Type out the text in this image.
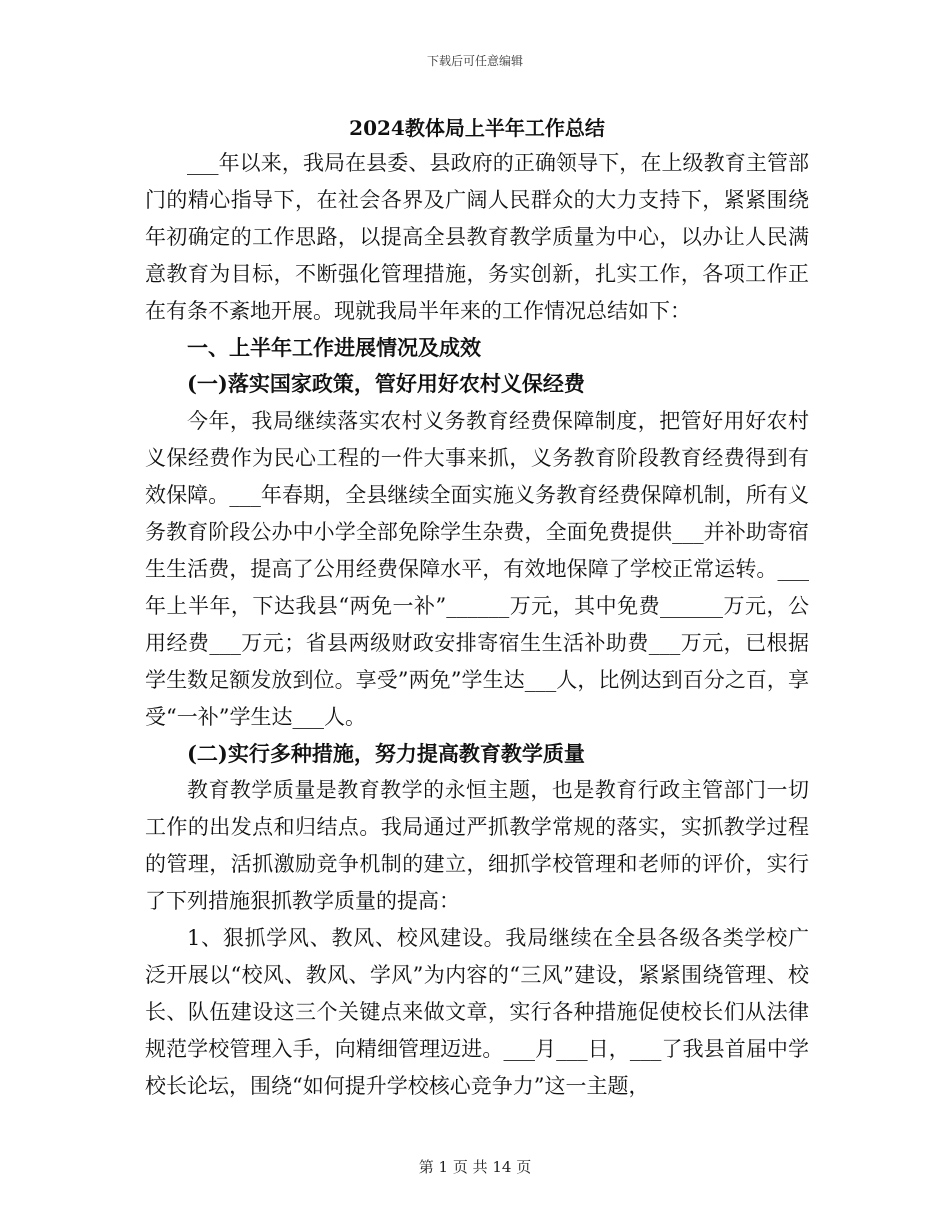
下载后可任意编辑
2024教体局上半年工作总结

___年以来，我局在县委、县政府的正确领导下，在上级教育主管部门的精心指导下，在社会各界及广阔人民群众的大力支持下，紧紧围绕年初确定的工作思路，以提高全县教育教学质量为中心，以办让人民满意教育为目标，不断强化管理措施，务实创新，扎实工作，各项工作正在有条不紊地开展。现就我局半年来的工作情况总结如下：

一、上半年工作进展情况及成效

(一)落实国家政策，管好用好农村义保经费

今年，我局继续落实农村义务教育经费保障制度，把管好用好农村义保经费作为民心工程的一件大事来抓，义务教育阶段教育经费得到有效保障。___年春期，全县继续全面实施义务教育经费保障机制，所有义务教育阶段公办中小学全部免除学生杂费，全面免费提供___并补助寄宿生生活费，提高了公用经费保障水平，有效地保障了学校正常运转。___年上半年，下达我县“两免一补”______万元，其中免费______万元，公用经费___万元；省县两级财政安排寄宿生生活补助费___万元，已根据学生数足额发放到位。享受”两免”学生达___人，比例达到百分之百，享受“一补”学生达___人。

(二)实行多种措施，努力提高教育教学质量

教育教学质量是教育教学的永恒主题，也是教育行政主管部门一切工作的出发点和归结点。我局通过严抓教学常规的落实，实抓教学过程的管理，活抓激励竞争机制的建立，细抓学校管理和老师的评价，实行了下列措施狠抓教学质量的提高：

1、狠抓学风、教风、校风建设。我局继续在全县各级各类学校广泛开展以“校风、教风、学风”为内容的“三风”建设，紧紧围绕管理、校长、队伍建设这三个关键点来做文章，实行各种措施促使校长们从法律规范学校管理入手，向精细管理迈进。___月___日，___了我县首届中学校长论坛，围绕“如何提升学校核心竞争力”这一主题，

第 1 页 共 14 页
